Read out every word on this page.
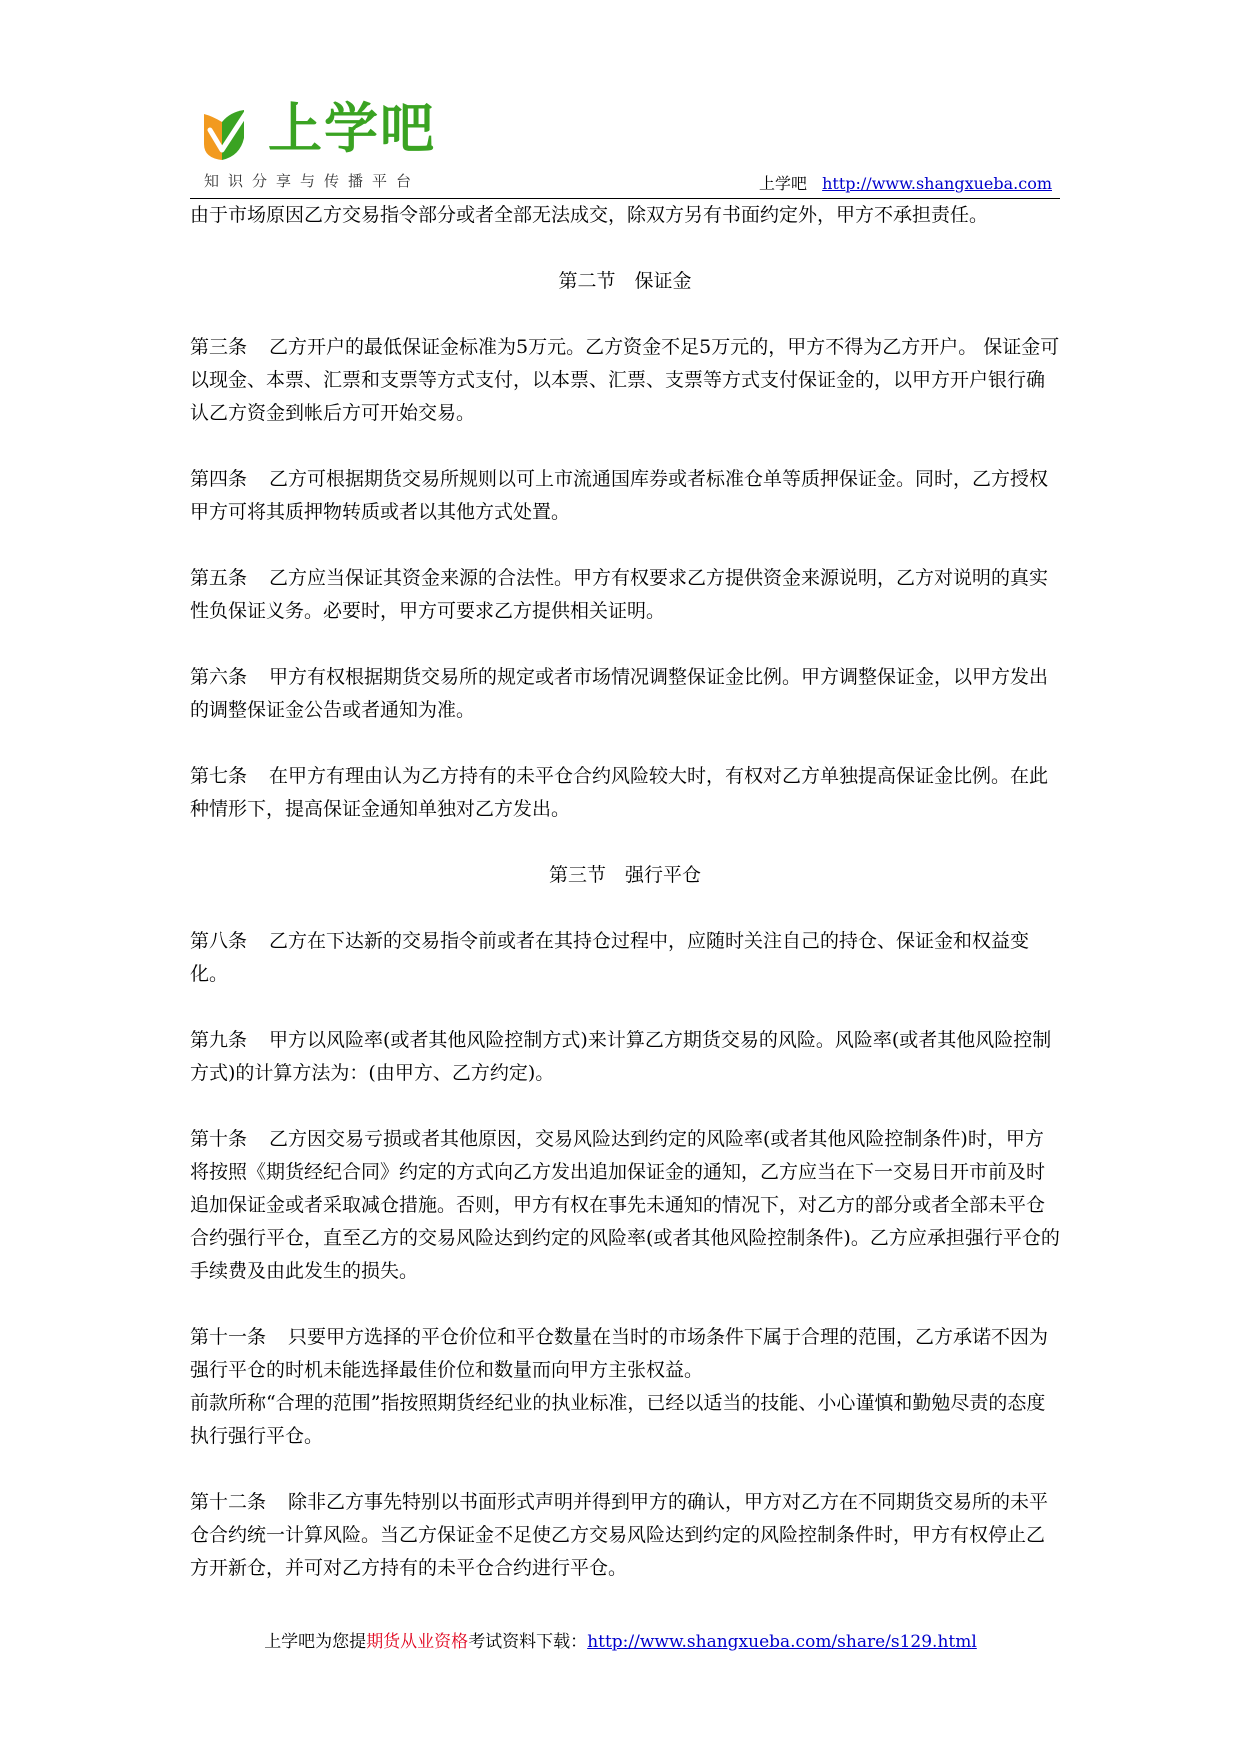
上学吧
知识分享与传播平台	上学吧 http://www.shangxueba.com

由于市场原因乙方交易指令部分或者全部无法成交，除双方另有书面约定外，甲方不承担责任。

第二节　保证金

第三条 乙方开户的最低保证金标准为5万元。乙方资金不足5万元的，甲方不得为乙方开户。 保证金可以现金、本票、汇票和支票等方式支付，以本票、汇票、支票等方式支付保证金的，以甲方开户银行确认乙方资金到帐后方可开始交易。

第四条 乙方可根据期货交易所规则以可上市流通国库券或者标准仓单等质押保证金。同时，乙方授权甲方可将其质押物转质或者以其他方式处置。

第五条 乙方应当保证其资金来源的合法性。甲方有权要求乙方提供资金来源说明，乙方对说明的真实性负保证义务。必要时，甲方可要求乙方提供相关证明。

第六条 甲方有权根据期货交易所的规定或者市场情况调整保证金比例。甲方调整保证金，以甲方发出的调整保证金公告或者通知为准。

第七条 在甲方有理由认为乙方持有的未平仓合约风险较大时，有权对乙方单独提高保证金比例。在此种情形下，提高保证金通知单独对乙方发出。

第三节　强行平仓

第八条 乙方在下达新的交易指令前或者在其持仓过程中，应随时关注自己的持仓、保证金和权益变化。

第九条 甲方以风险率(或者其他风险控制方式)来计算乙方期货交易的风险。风险率(或者其他风险控制方式)的计算方法为：(由甲方、乙方约定)。

第十条 乙方因交易亏损或者其他原因，交易风险达到约定的风险率(或者其他风险控制条件)时，甲方将按照《期货经纪合同》约定的方式向乙方发出追加保证金的通知，乙方应当在下一交易日开市前及时追加保证金或者采取减仓措施。否则，甲方有权在事先未通知的情况下，对乙方的部分或者全部未平仓合约强行平仓，直至乙方的交易风险达到约定的风险率(或者其他风险控制条件)。乙方应承担强行平仓的手续费及由此发生的损失。

第十一条 只要甲方选择的平仓价位和平仓数量在当时的市场条件下属于合理的范围，乙方承诺不因为强行平仓的时机未能选择最佳价位和数量而向甲方主张权益。

前款所称“合理的范围”指按照期货经纪业的执业标准，已经以适当的技能、小心谨慎和勤勉尽责的态度执行强行平仓。

第十二条 除非乙方事先特别以书面形式声明并得到甲方的确认，甲方对乙方在不同期货交易所的未平仓合约统一计算风险。当乙方保证金不足使乙方交易风险达到约定的风险控制条件时，甲方有权停止乙方开新仓，并可对乙方持有的未平仓合约进行平仓。

上学吧为您提期货从业资格考试资料下载：http://www.shangxueba.com/share/s129.html
